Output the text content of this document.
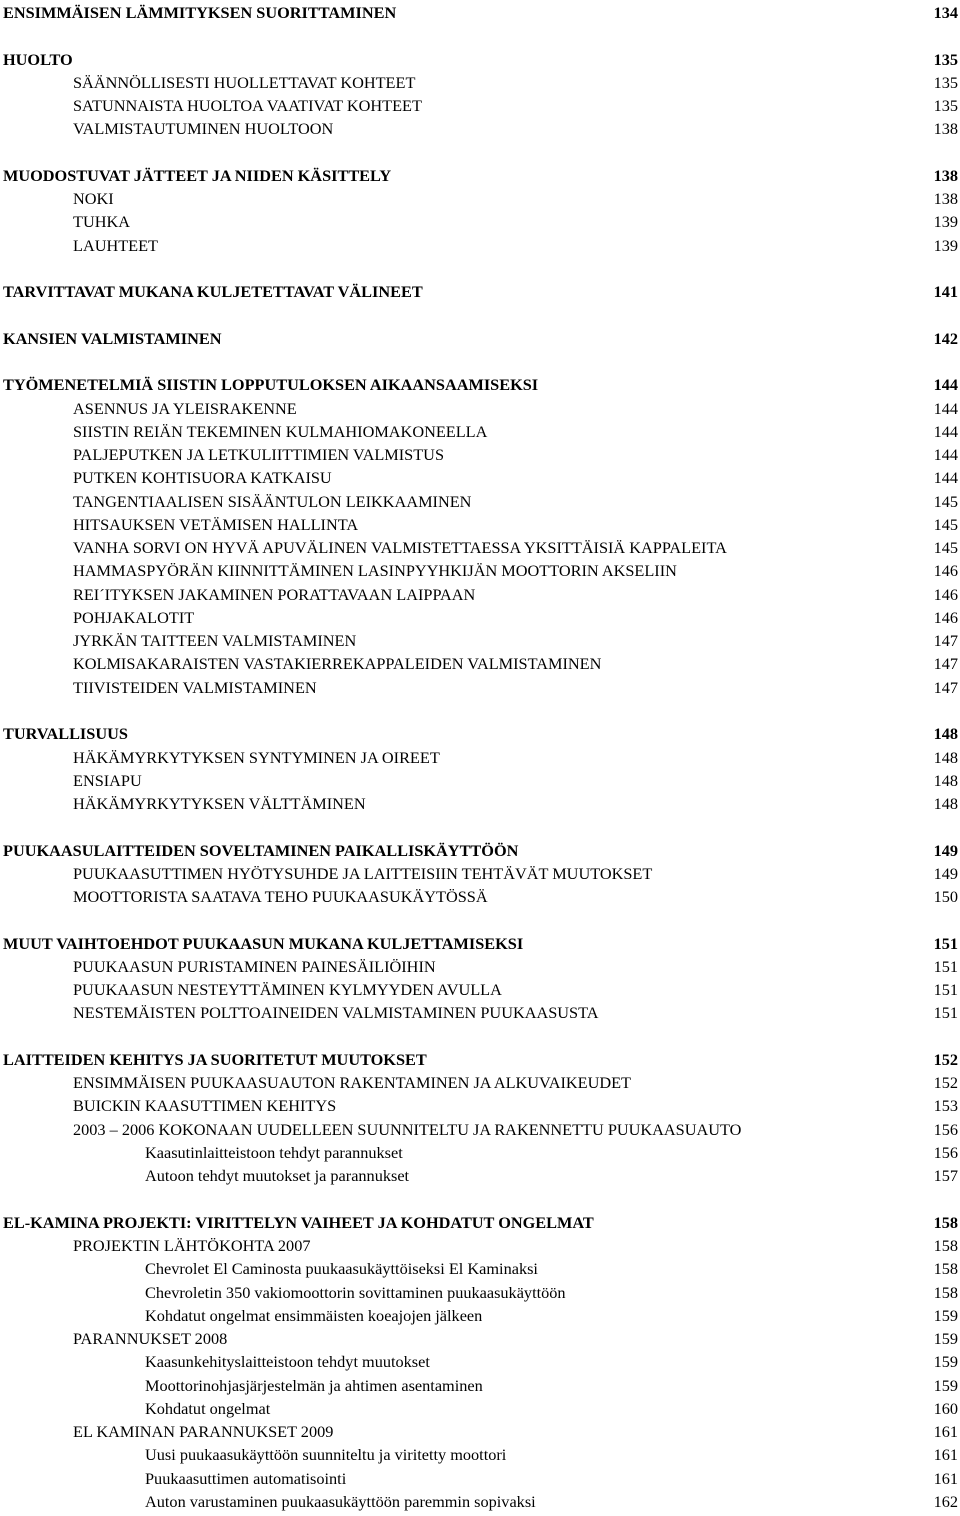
ENSIMMÄISEN LÄMMITYKSEN SUORITTAMINEN	134
HUOLTO	135
SÄÄNNÖLLISESTI HUOLLETTAVAT KOHTEET	135
SATUNNAISTA HUOLTOA VAATIVAT KOHTEET	135
VALMISTAUTUMINEN HUOLTOON	138
MUODOSTUVAT JÄTTEET JA NIIDEN KÄSITTELY	138
NOKI	138
TUHKA	139
LAUHTEET	139
TARVITTAVAT MUKANA KULJETETTAVAT VÄLINEET	141
KANSIEN VALMISTAMINEN	142
TYÖMENETELMIÄ SIISTIN LOPPUTULOKSEN AIKAANSAAMISEKSI	144
ASENNUS JA YLEISRAKENNE	144
SIISTIN REIÄN TEKEMINEN KULMAHIOMAKONEELLA	144
PALJEPUTKEN JA LETKULIITTIMIEN VALMISTUS	144
PUTKEN KOHTISUORA KATKAISU	144
TANGENTIAALISEN SISÄÄNTULON LEIKKAAMINEN	145
HITSAUKSEN VETÄMISEN HALLINTA	145
VANHA SORVI ON HYVÄ APUVÄLINEN VALMISTETTAESSA YKSITTÄISIÄ KAPPALEITA	145
HAMMASPYÖRÄN KIINNITTÄMINEN LASINPYYHKIJÄN MOOTTORIN AKSELIIN	146
REI´ITYKSEN JAKAMINEN PORATTAVAAN LAIPPAAN	146
POHJAKALOTIT	146
JYRKÄN TAITTEEN VALMISTAMINEN	147
KOLMISAKARAISTEN VASTAKIERREKAPPALEIDEN VALMISTAMINEN	147
TIIVISTEIDEN VALMISTAMINEN	147
TURVALLISUUS	148
HÄKÄMYRKYTYKSEN SYNTYMINEN JA OIREET	148
ENSIAPU	148
HÄKÄMYRKYTYKSEN VÄLTTÄMINEN	148
PUUKAASULAITTEIDEN SOVELTAMINEN PAIKALLISKÄYTTÖÖN	149
PUUKAASUTTIMEN HYÖTYSUHDE JA LAITTEISIIN TEHTÄVÄT MUUTOKSET	149
MOOTTORISTA SAATAVA TEHO PUUKAASUKÄYTÖSSÄ	150
MUUT VAIHTOEHDOT PUUKAASUN MUKANA KULJETTAMISEKSI	151
PUUKAASUN PURISTAMINEN PAINESÄILIÖIHIN	151
PUUKAASUN NESTEYTTÄMINEN KYLMYYDEN AVULLA	151
NESTEMÄISTEN POLTTOAINEIDEN VALMISTAMINEN PUUKAASUSTA	151
LAITTEIDEN KEHITYS JA SUORITETUT MUUTOKSET	152
ENSIMMÄISEN PUUKAASUAUTON RAKENTAMINEN JA ALKUVAIKEUDET	152
BUICKIN KAASUTTIMEN KEHITYS	153
2003 – 2006 KOKONAAN UUDELLEEN SUUNNITELTU JA RAKENNETTU PUUKAASUAUTO	156
Kaasutinlaitteistoon tehdyt parannukset	156
Autoon tehdyt muutokset ja parannukset	157
EL-KAMINA PROJEKTI: VIRITTELYN VAIHEET JA KOHDATUT ONGELMAT	158
PROJEKTIN LÄHTÖKOHTA 2007	158
Chevrolet El Caminosta puukaasukäyttöiseksi El Kaminaksi	158
Chevroletin 350 vakiomoottorin sovittaminen puukaasukäyttöön	158
Kohdatut ongelmat ensimmäisten koeajojen jälkeen	159
PARANNUKSET 2008	159
Kaasunkehityslaitteistoon tehdyt muutokset	159
Moottorinohjasjärjestelmän ja ahtimen asentaminen	159
Kohdatut ongelmat	160
EL KAMINAN PARANNUKSET 2009	161
Uusi puukaasukäyttöön suunniteltu ja viritetty moottori	161
Puukaasuttimen automatisointi	161
Auton varustaminen puukaasukäyttöön paremmin sopivaksi	162
